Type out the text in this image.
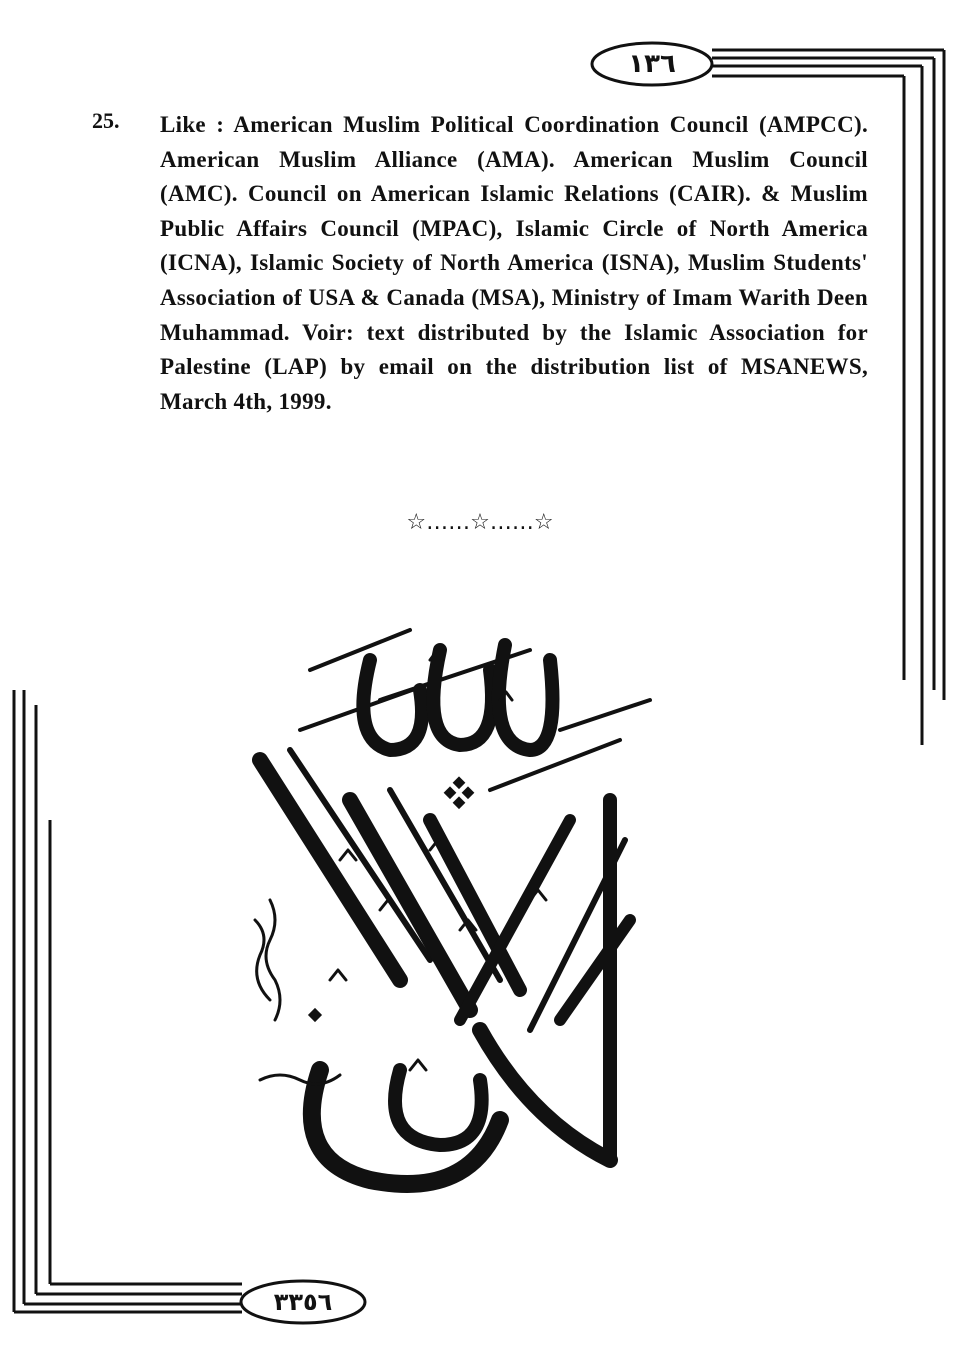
١٣٦
25. Like : American Muslim Political Coordination Council (AMPCC). American Muslim Alliance (AMA). American Muslim Council (AMC). Council on American Islamic Relations (CAIR). & Muslim Public Affairs Council (MPAC), Islamic Circle of North America (ICNA), Islamic Society of North America (ISNA), Muslim Students' Association of USA & Canada (MSA), Ministry of Imam Warith Deen Muhammad. Voir: text distributed by the Islamic Association for Palestine (LAP) by email on the distribution list of MSANEWS, March 4th, 1999.
☆……☆……☆
٣٣٥٦
